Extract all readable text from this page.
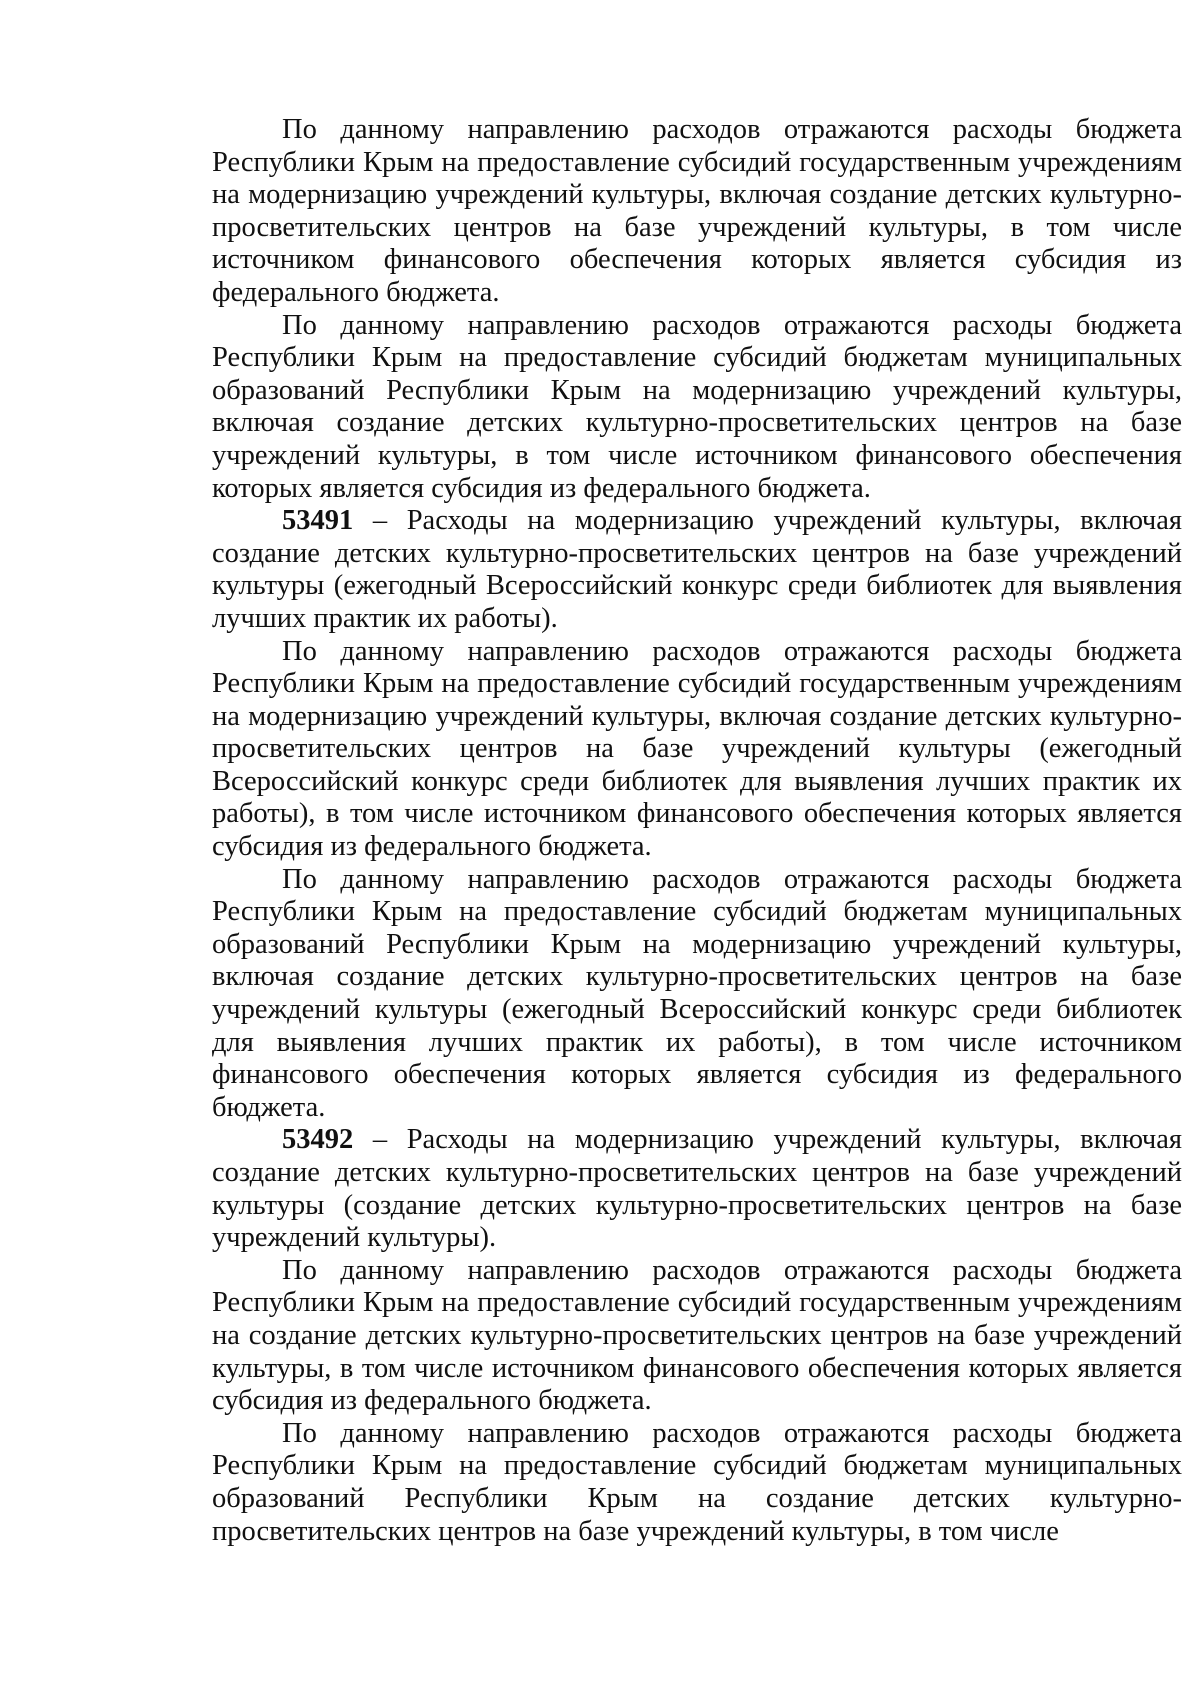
По данному направлению расходов отражаются расходы бюджета Республики Крым на предоставление субсидий государственным учреждениям на модернизацию учреждений культуры, включая создание детских культурно-просветительских центров на базе учреждений культуры, в том числе источником финансового обеспечения которых является субсидия из федерального бюджета.

По данному направлению расходов отражаются расходы бюджета Республики Крым на предоставление субсидий бюджетам муниципальных образований Республики Крым на модернизацию учреждений культуры, включая создание детских культурно-просветительских центров на базе учреждений культуры, в том числе источником финансового обеспечения которых является субсидия из федерального бюджета.

53491 – Расходы на модернизацию учреждений культуры, включая создание детских культурно-просветительских центров на базе учреждений культуры (ежегодный Всероссийский конкурс среди библиотек для выявления лучших практик их работы).

По данному направлению расходов отражаются расходы бюджета Республики Крым на предоставление субсидий государственным учреждениям на модернизацию учреждений культуры, включая создание детских культурно-просветительских центров на базе учреждений культуры (ежегодный Всероссийский конкурс среди библиотек для выявления лучших практик их работы), в том числе источником финансового обеспечения которых является субсидия из федерального бюджета.

По данному направлению расходов отражаются расходы бюджета Республики Крым на предоставление субсидий бюджетам муниципальных образований Республики Крым на модернизацию учреждений культуры, включая создание детских культурно-просветительских центров на базе учреждений культуры (ежегодный Всероссийский конкурс среди библиотек для выявления лучших практик их работы), в том числе источником финансового обеспечения которых является субсидия из федерального бюджета.

53492 – Расходы на модернизацию учреждений культуры, включая создание детских культурно-просветительских центров на базе учреждений культуры (создание детских культурно-просветительских центров на базе учреждений культуры).

По данному направлению расходов отражаются расходы бюджета Республики Крым на предоставление субсидий государственным учреждениям на создание детских культурно-просветительских центров на базе учреждений культуры, в том числе источником финансового обеспечения которых является субсидия из федерального бюджета.

По данному направлению расходов отражаются расходы бюджета Республики Крым на предоставление субсидий бюджетам муниципальных образований Республики Крым на создание детских культурно-просветительских центров на базе учреждений культуры, в том числе
